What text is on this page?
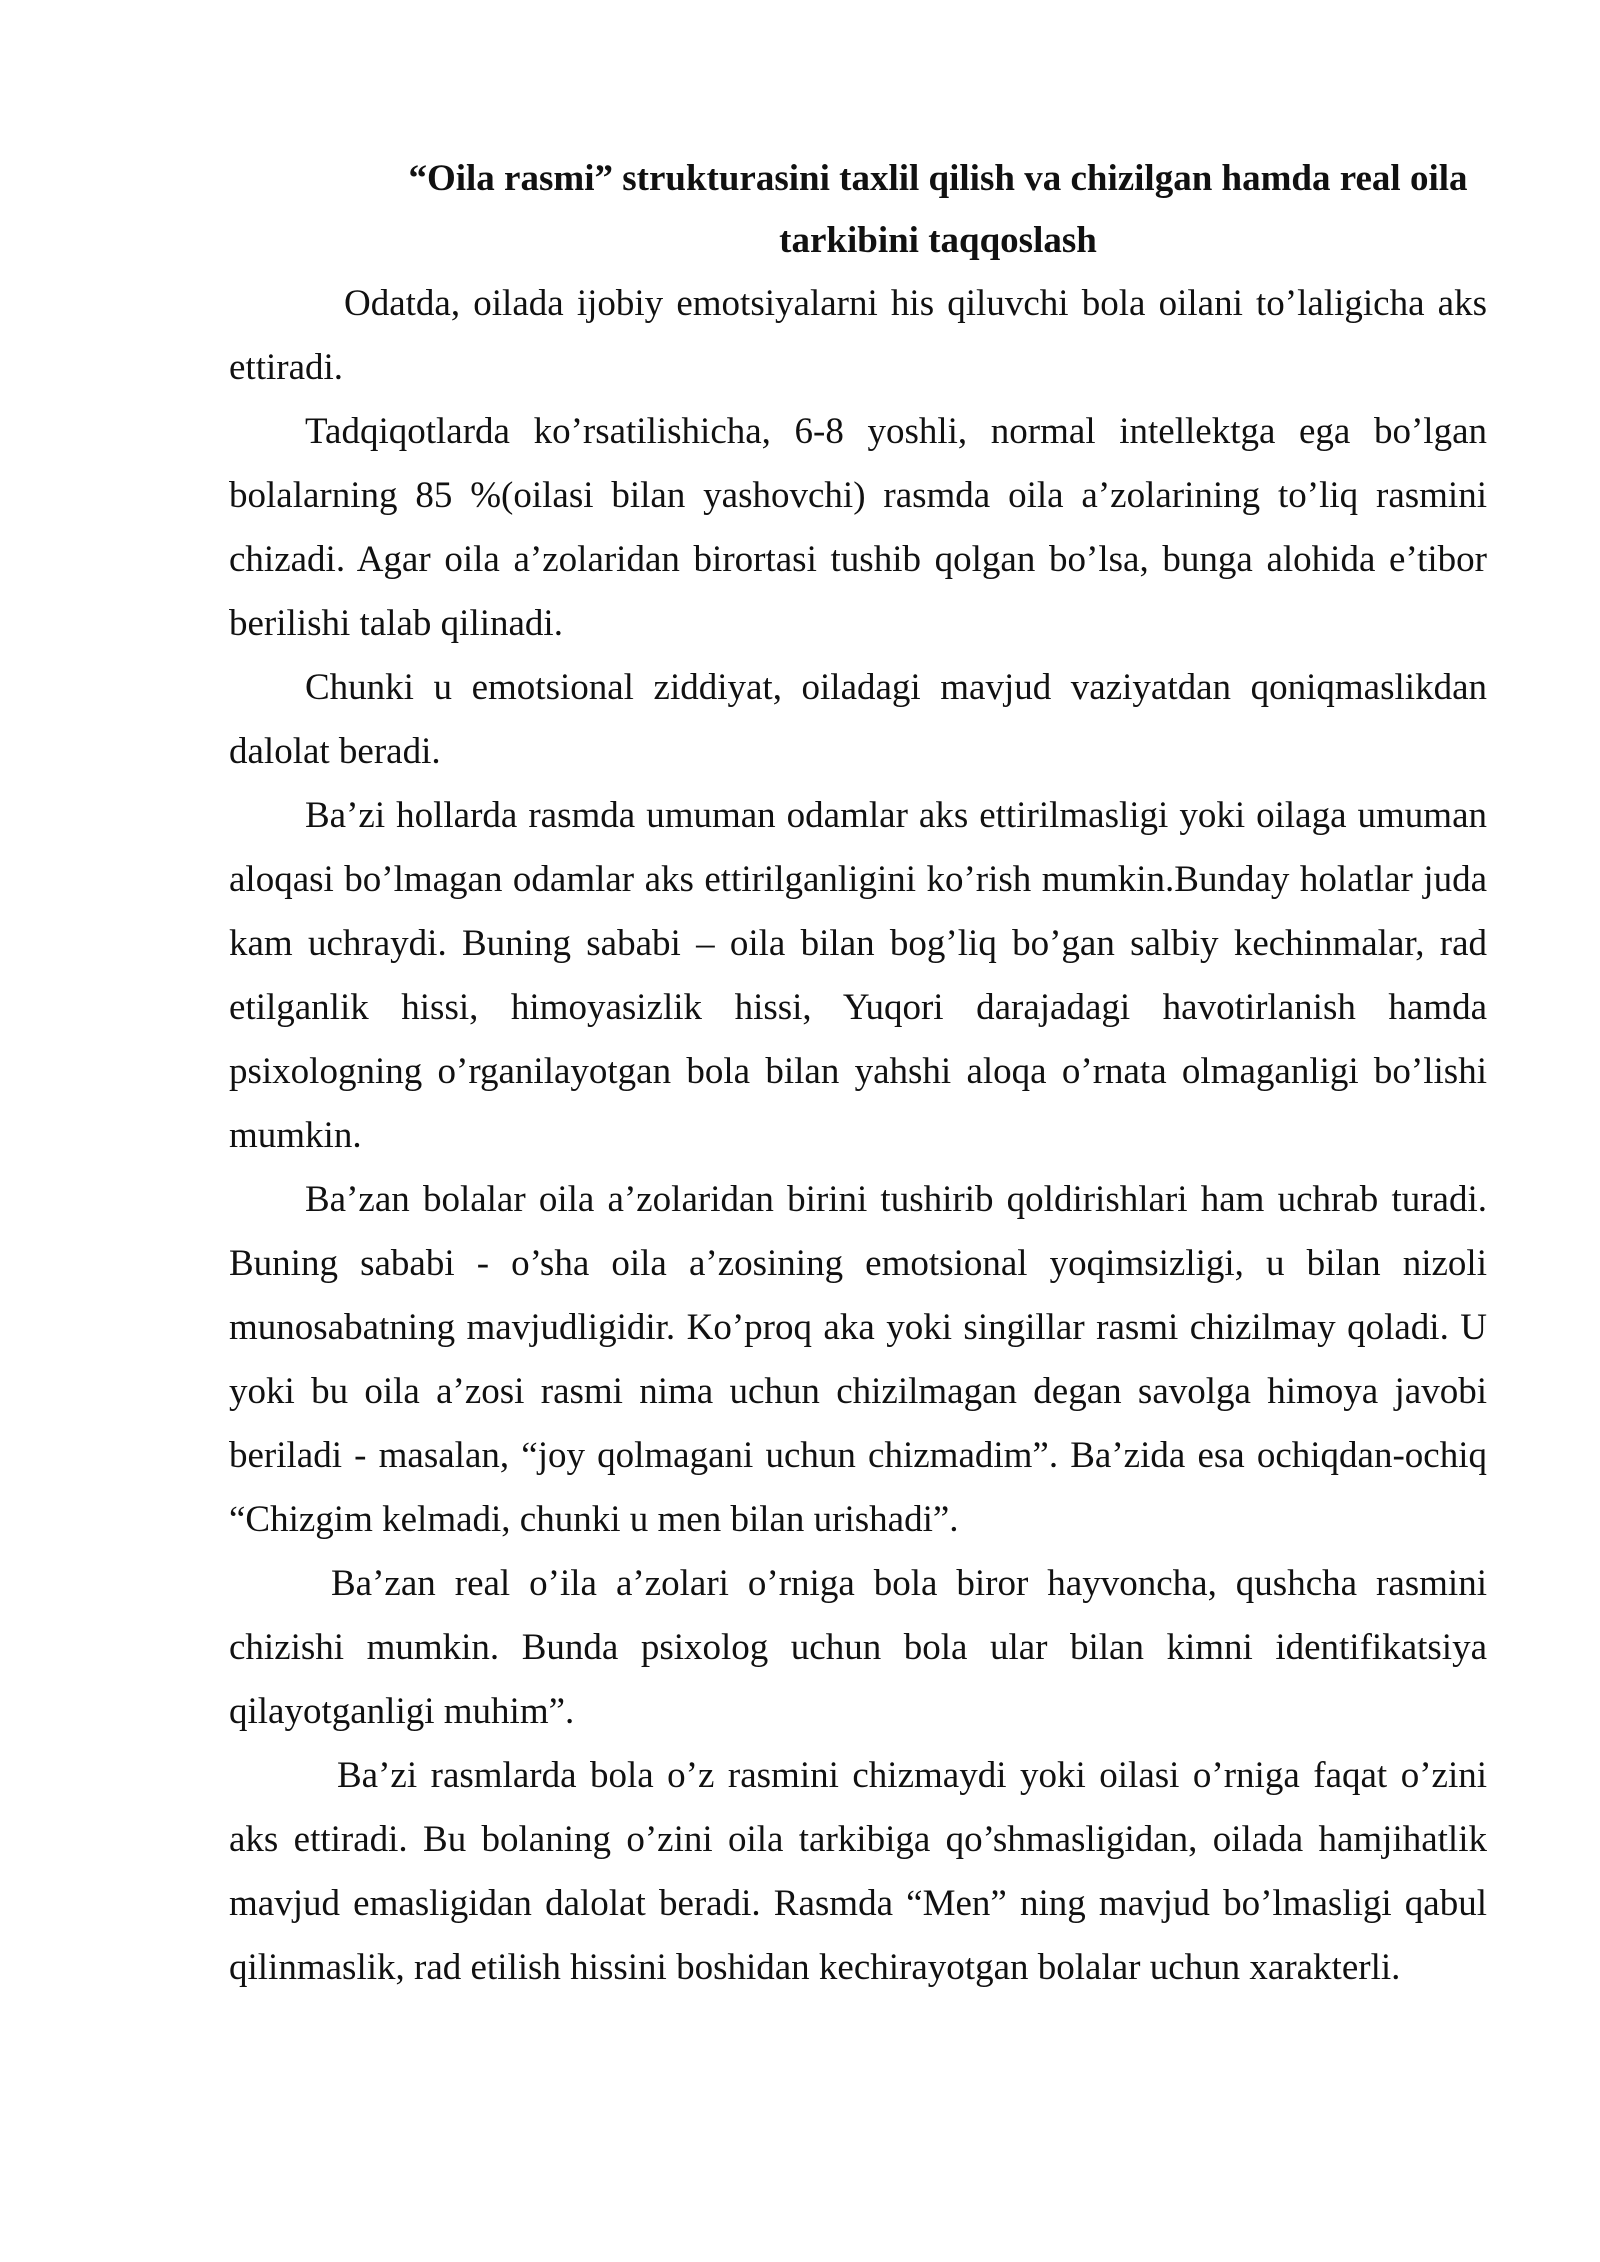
“Oila rasmi” strukturasini taxlil qilish va chizilgan hamda real oila tarkibini taqqoslash

Odatda, oilada ijobiy emotsiyalarni his qiluvchi bola oilani to’laligicha aks ettiradi.

Tadqiqotlarda ko’rsatilishicha, 6-8 yoshli, normal intellektga ega bo’lgan bolalarning 85 %(oilasi bilan yashovchi) rasmda oila a’zolarining to’liq rasmini chizadi. Agar oila a’zolaridan birortasi tushib qolgan bo’lsa, bunga alohida e’tibor berilishi talab qilinadi.

Chunki u emotsional ziddiyat, oiladagi mavjud vaziyatdan qoniqmaslikdan dalolat beradi.

Ba’zi hollarda rasmda umuman odamlar aks ettirilmasligi yoki oilaga umuman aloqasi bo’lmagan odamlar aks ettirilganligini ko’rish mumkin.Bunday holatlar juda kam uchraydi. Buning sababi – oila bilan bog’liq bo’gan salbiy kechinmalar, rad etilganlik hissi, himoyasizlik hissi, Yuqori darajadagi havotirlanish hamda psixologning o’rganilayotgan bola bilan yahshi aloqa o’rnata olmaganligi bo’lishi mumkin.

Ba’zan bolalar oila a’zolaridan birini tushirib qoldirishlari ham uchrab turadi. Buning sababi - o’sha oila a’zosining emotsional yoqimsizligi, u bilan nizoli munosabatning mavjudligidir. Ko’proq aka yoki singillar rasmi chizilmay qoladi. U yoki bu oila a’zosi rasmi nima uchun chizilmagan degan savolga himoya javobi beriladi - masalan, “joy qolmagani uchun chizmadim”. Ba’zida esa ochiqdan-ochiq “Chizgim kelmadi, chunki u men bilan urishadi”.

Ba’zan real o’ila a’zolari o’rniga bola biror hayvoncha, qushcha rasmini chizishi mumkin. Bunda psixolog uchun bola ular bilan kimni identifikatsiya qilayotganligi muhim”.

Ba’zi rasmlarda bola o’z rasmini chizmaydi yoki oilasi o’rniga faqat o’zini aks ettiradi. Bu bolaning o’zini oila tarkibiga qo’shmasligidan, oilada hamjihatlik mavjud emasligidan dalolat beradi. Rasmda “Men” ning mavjud bo’lmasligi qabul qilinmaslik, rad etilish hissini boshidan kechirayotgan bolalar uchun xarakterli.
